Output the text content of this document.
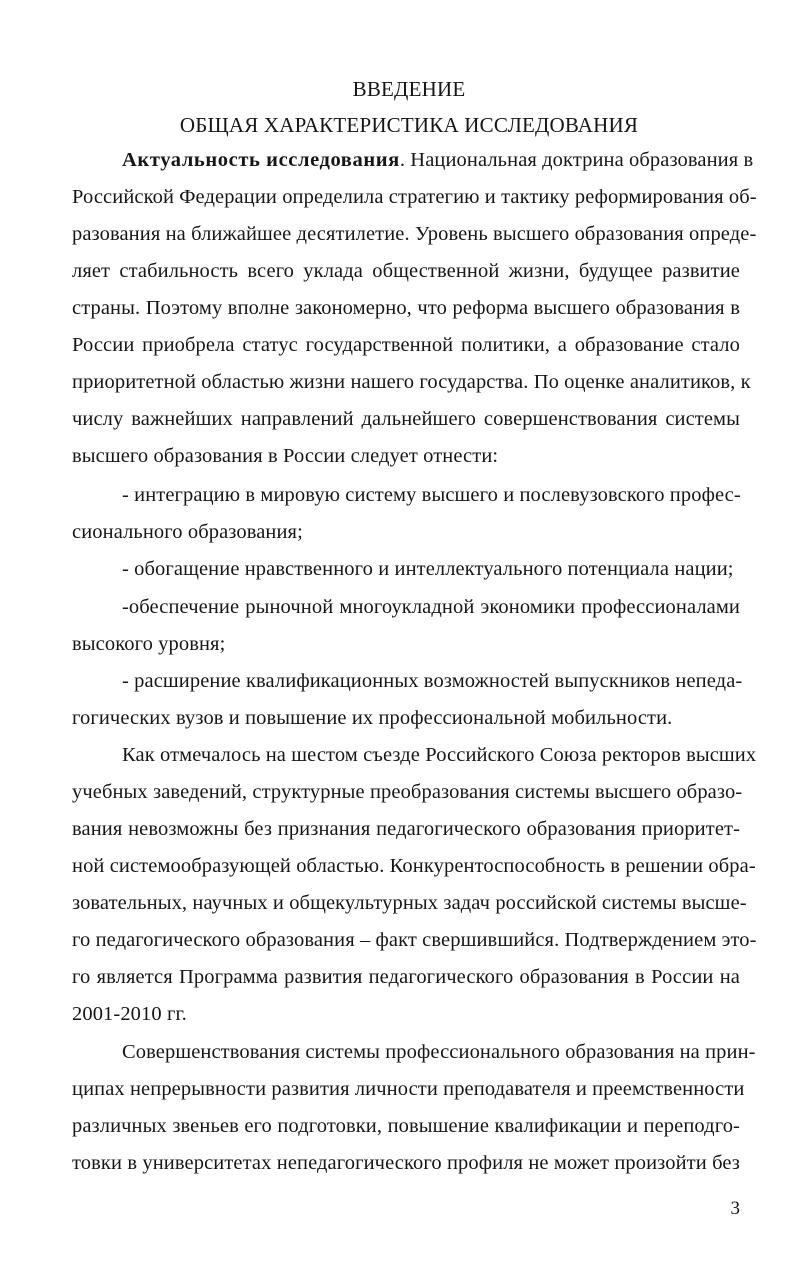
ВВЕДЕНИЕ
ОБЩАЯ ХАРАКТЕРИСТИКА ИССЛЕДОВАНИЯ
Актуальность исследования. Национальная доктрина образования в
Российской Федерации определила стратегию и тактику реформирования об-
разования на ближайшее десятилетие. Уровень высшего образования опреде-
ляет стабильность всего уклада общественной жизни, будущее развитие
страны. Поэтому вполне закономерно, что реформа высшего образования в
России приобрела статус государственной политики, а образование стало
приоритетной областью жизни нашего государства. По оценке аналитиков, к
числу важнейших направлений дальнейшего совершенствования системы
высшего образования в России следует отнести:
- интеграцию в мировую систему высшего и послевузовского профес-
сионального образования;
- обогащение нравственного и интеллектуального потенциала нации;
-обеспечение рыночной многоукладной экономики профессионалами
высокого уровня;
- расширение квалификационных возможностей выпускников непеда-
гогических вузов и повышение их профессиональной мобильности.
Как отмечалось на шестом съезде Российского Союза ректоров высших
учебных заведений, структурные преобразования системы высшего образо-
вания невозможны без признания педагогического образования приоритет-
ной системообразующей областью. Конкурентоспособность в решении обра-
зовательных, научных и общекультурных задач российской системы высше-
го педагогического образования – факт свершившийся. Подтверждением это-
го является Программа развития педагогического образования в России на
2001-2010 гг.
Совершенствования системы профессионального образования на прин-
ципах непрерывности развития личности преподавателя и преемственности
различных звеньев его подготовки, повышение квалификации и переподго-
товки в университетах непедагогического профиля не может произойти без
3
